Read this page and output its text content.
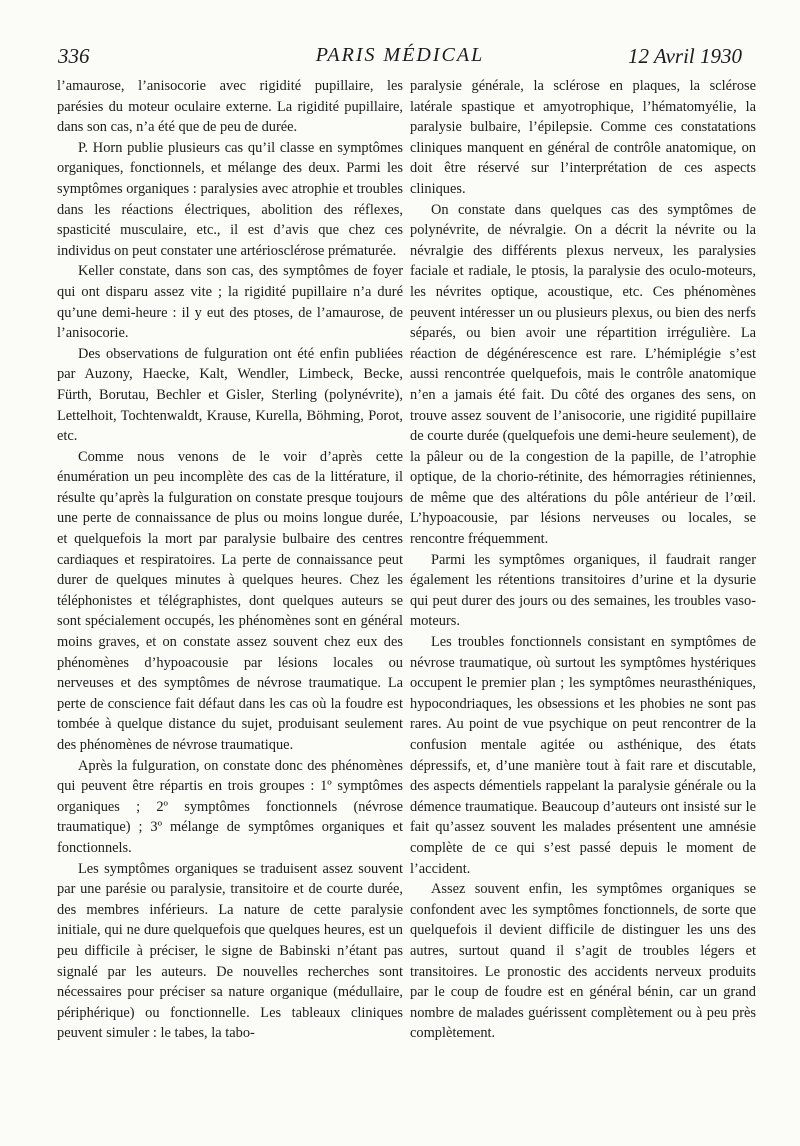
336	PARIS MÉDICAL	12 Avril 1930

l’amaurose, l’anisocorie avec rigidité pupillaire, les parésies du moteur oculaire externe. La rigidité pupillaire, dans son cas, n’a été que de peu de durée.

P. Horn publie plusieurs cas qu’il classe en symptômes organiques, fonctionnels, et mélange des deux. Parmi les symptômes organiques : paralysies avec atrophie et troubles dans les réactions électriques, abolition des réflexes, spasticité musculaire, etc., il est d’avis que chez ces individus on peut constater une artériosclérose prématurée.

Keller constate, dans son cas, des symptômes de foyer qui ont disparu assez vite ; la rigidité pupillaire n’a duré qu’une demi-heure : il y eut des ptoses, de l’amaurose, de l’anisocorie.

Des observations de fulguration ont été enfin publiées par Auzony, Haecke, Kalt, Wendler, Limbeck, Becke, Fürth, Borutau, Bechler et Gisler, Sterling (polynévrite), Lettelhoit, Tochtenwaldt, Krause, Kurella, Böhming, Porot, etc.

Comme nous venons de le voir d’après cette énumération un peu incomplète des cas de la littérature, il résulte qu’après la fulguration on constate presque toujours une perte de connaissance de plus ou moins longue durée, et quelquefois la mort par paralysie bulbaire des centres cardiaques et respiratoires. La perte de connaissance peut durer de quelques minutes à quelques heures. Chez les téléphonistes et télégraphistes, dont quelques auteurs se sont spécialement occupés, les phénomènes sont en général moins graves, et on constate assez souvent chez eux des phénomènes d’hypoacousie par lésions locales ou nerveuses et des symptômes de névrose traumatique. La perte de conscience fait défaut dans les cas où la foudre est tombée à quelque distance du sujet, produisant seulement des phénomènes de névrose traumatique.

Après la fulguration, on constate donc des phénomènes qui peuvent être répartis en trois groupes : 1º symptômes organiques ; 2º symptômes fonctionnels (névrose traumatique) ; 3º mélange de symptômes organiques et fonctionnels.

Les symptômes organiques se traduisent assez souvent par une parésie ou paralysie, transitoire et de courte durée, des membres inférieurs. La nature de cette paralysie initiale, qui ne dure quelquefois que quelques heures, est un peu difficile à préciser, le signe de Babinski n’étant pas signalé par les auteurs. De nouvelles recherches sont nécessaires pour préciser sa nature organique (médullaire, périphérique) ou fonctionnelle. Les tableaux cliniques peuvent simuler : le tabes, la tabo-

paralysie générale, la sclérose en plaques, la sclérose latérale spastique et amyotrophique, l’hématomyélie, la paralysie bulbaire, l’épilepsie. Comme ces constatations cliniques manquent en général de contrôle anatomique, on doit être réservé sur l’interprétation de ces aspects cliniques.

On constate dans quelques cas des symptômes de polynévrite, de névralgie. On a décrit la névrite ou la névralgie des différents plexus nerveux, les paralysies faciale et radiale, le ptosis, la paralysie des oculo-moteurs, les névrites optique, acoustique, etc. Ces phénomènes peuvent intéresser un ou plusieurs plexus, ou bien des nerfs séparés, ou bien avoir une répartition irrégulière. La réaction de dégénérescence est rare. L’hémiplégie s’est aussi rencontrée quelquefois, mais le contrôle anatomique n’en a jamais été fait. Du côté des organes des sens, on trouve assez souvent de l’anisocorie, une rigidité pupillaire de courte durée (quelquefois une demi-heure seulement), de la pâleur ou de la congestion de la papille, de l’atrophie optique, de la chorio-rétinite, des hémorragies rétiniennes, de même que des altérations du pôle antérieur de l’œil. L’hypoacousie, par lésions nerveuses ou locales, se rencontre fréquemment.

Parmi les symptômes organiques, il faudrait ranger également les rétentions transitoires d’urine et la dysurie qui peut durer des jours ou des semaines, les troubles vaso-moteurs.

Les troubles fonctionnels consistant en symptômes de névrose traumatique, où surtout les symptômes hystériques occupent le premier plan ; les symptômes neurasthéniques, hypocondriaques, les obsessions et les phobies ne sont pas rares. Au point de vue psychique on peut rencontrer de la confusion mentale agitée ou asthénique, des états dépressifs, et, d’une manière tout à fait rare et discutable, des aspects démentiels rappelant la paralysie générale ou la démence traumatique. Beaucoup d’auteurs ont insisté sur le fait qu’assez souvent les malades présentent une amnésie complète de ce qui s’est passé depuis le moment de l’accident.

Assez souvent enfin, les symptômes organiques se confondent avec les symptômes fonctionnels, de sorte que quelquefois il devient difficile de distinguer les uns des autres, surtout quand il s’agit de troubles légers et transitoires. Le pronostic des accidents nerveux produits par le coup de foudre est en général bénin, car un grand nombre de malades guérissent complètement ou à peu près complètement.
